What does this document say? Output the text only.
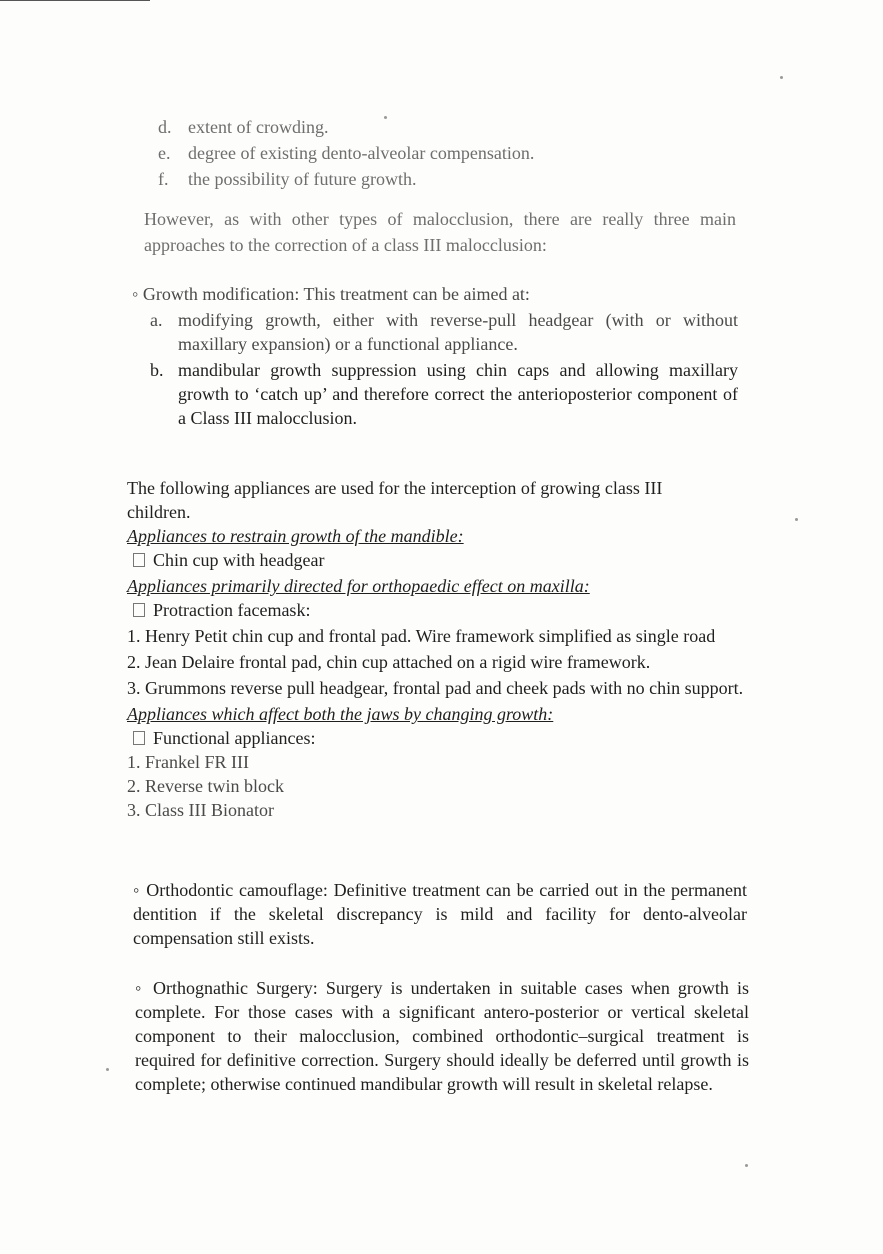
d. extent of crowding.
e. degree of existing dento-alveolar compensation.
f.	the possibility of future growth.
However, as with other types of malocclusion, there are really three main approaches to the correction of a class III malocclusion:
◦ Growth modification: This treatment can be aimed at:
a. modifying growth, either with reverse-pull headgear (with or without maxillary expansion) or a functional appliance.
b. mandibular growth suppression using chin caps and allowing maxillary growth to ‘catch up’ and therefore correct the anterioposterior component of a Class III malocclusion.
The following appliances are used for the interception of growing class III children.
Appliances to restrain growth of the mandible:
Chin cup with headgear
Appliances primarily directed for orthopaedic effect on maxilla:
Protraction facemask:
1. Henry Petit chin cup and frontal pad. Wire framework simplified as single road
2. Jean Delaire frontal pad, chin cup attached on a rigid wire framework.
3. Grummons reverse pull headgear, frontal pad and cheek pads with no chin support.
Appliances which affect both the jaws by changing growth:
Functional appliances:
1. Frankel FR III
2. Reverse twin block
3. Class III Bionator
◦ Orthodontic camouflage: Definitive treatment can be carried out in the permanent dentition if the skeletal discrepancy is mild and facility for dento-alveolar compensation still exists.
◦ Orthognathic Surgery: Surgery is undertaken in suitable cases when growth is complete. For those cases with a significant antero-posterior or vertical skeletal component to their malocclusion, combined orthodontic–surgical treatment is required for definitive correction. Surgery should ideally be deferred until growth is complete; otherwise continued mandibular growth will result in skeletal relapse.
